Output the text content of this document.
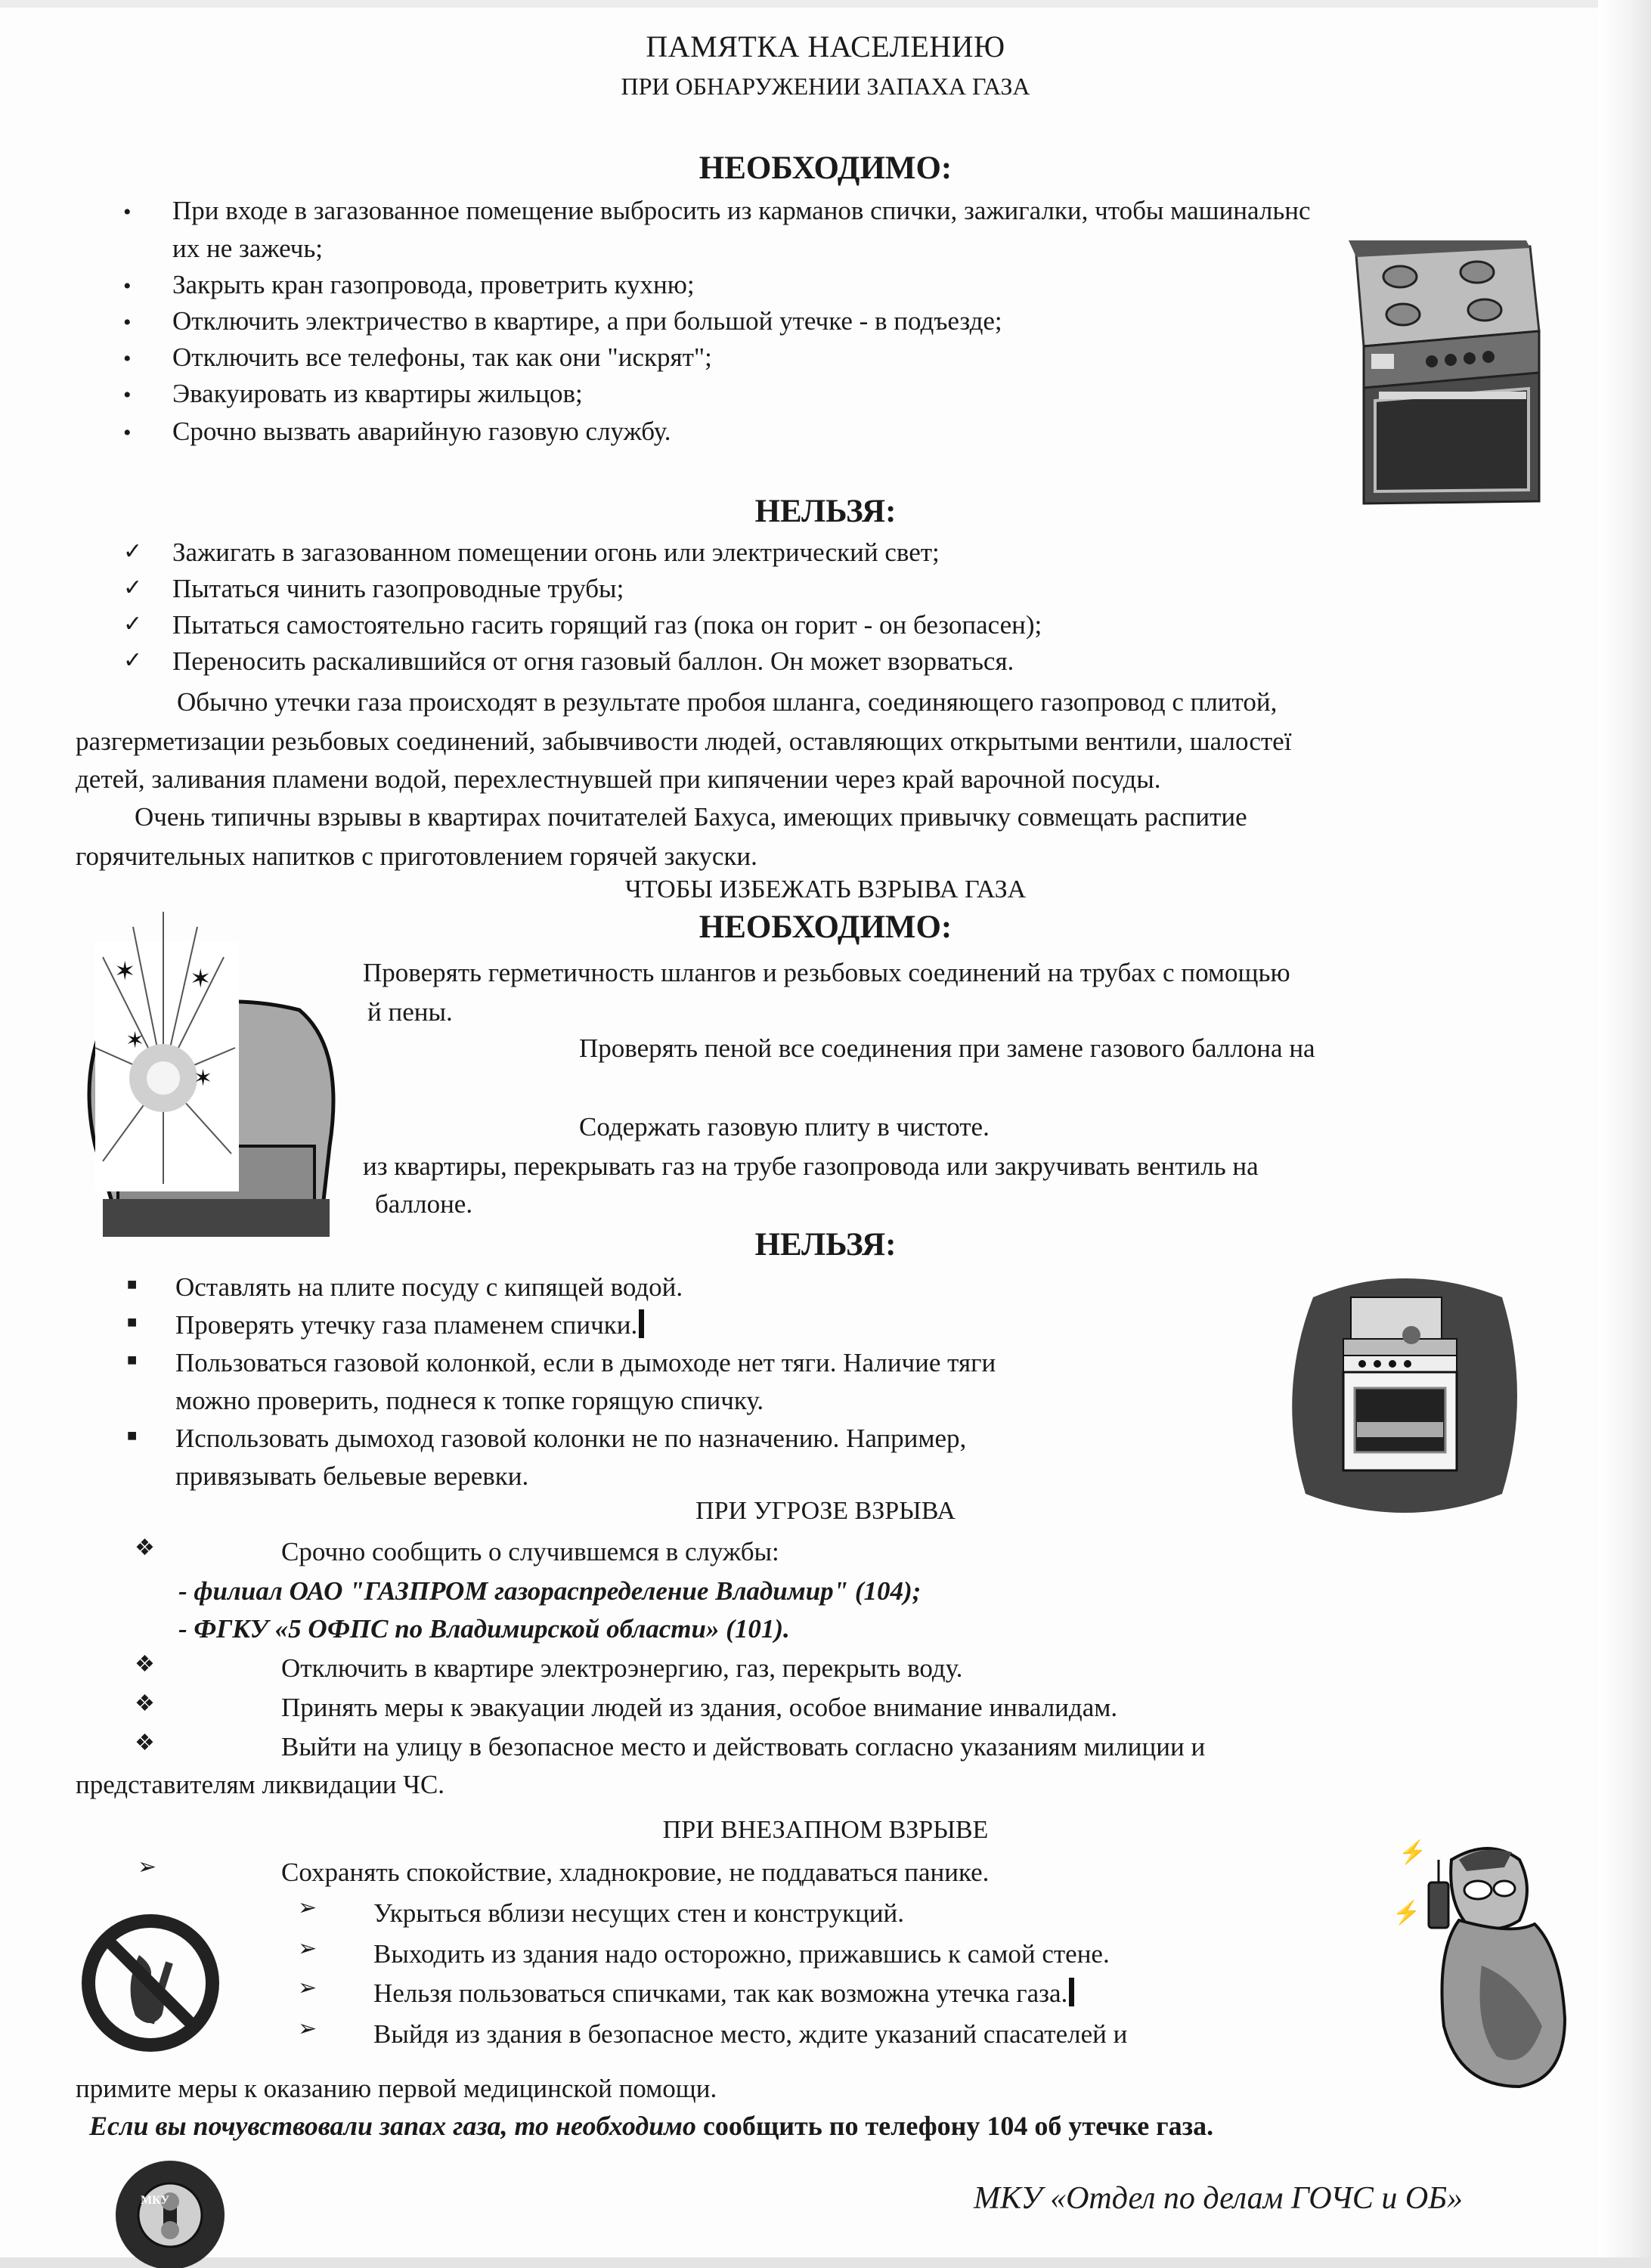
ПАМЯТКА НАСЕЛЕНИЮ
ПРИ ОБНАРУЖЕНИИ ЗАПАХА ГАЗА
НЕОБХОДИМО:
• При входе в загазованное помещение выбросить из карманов спички, зажигалки, чтобы машинальнс
их не зажечь;
• Закрыть кран газопровода, проветрить кухню;
• Отключить электричество в квартире, а при большой утечке - в подъезде;
• Отключить все телефоны, так как они "искрят";
• Эвакуировать из квартиры жильцов;
• Срочно вызвать аварийную газовую службу.
НЕЛЬЗЯ:
✓ Зажигать в загазованном помещении огонь или электрический свет;
✓ Пытаться чинить газопроводные трубы;
✓ Пытаться самостоятельно гасить горящий газ (пока он горит - он безопасен);
✓ Переносить раскалившийся от огня газовый баллон. Он может взорваться.
Обычно утечки газа происходят в результате пробоя шланга, соединяющего газопровод с плитой,
разгерметизации резьбовых соединений, забывчивости людей, оставляющих открытыми вентили, шалостеї
детей, заливания пламени водой, перехлестнувшей при кипячении через край варочной посуды.
Очень типичны взрывы в квартирах почитателей Бахуса, имеющих привычку совмещать распитие
горячительных напитков с приготовлением горячей закуски.
ЧТОБЫ ИЗБЕЖАТЬ ВЗРЫВА ГАЗА
НЕОБХОДИМО:
Проверять герметичность шлангов и резьбовых соединений на трубах с помощью
й пены.
Проверять пеной все соединения при замене газового баллона на
Содержать газовую плиту в чистоте.
из квартиры, перекрывать газ на трубе газопровода или закручивать вентиль на
баллоне.
✶ ✶
✶
✶
НЕЛЬЗЯ:
■ Оставлять на плите посуду с кипящей водой.
■ Проверять утечку газа пламенем спички.
■ Пользоваться газовой колонкой, если в дымоходе нет тяги. Наличие тяги
можно проверить, поднеся к топке горящую спичку.
■ Использовать дымоход газовой колонки не по назначению. Например,
привязывать бельевые веревки.
ПРИ УГРОЗЕ ВЗРЫВА
❖	Срочно сообщить о случившемся в службы:
- филиал ОАО "ГАЗПРОМ газораспределение Владимир" (104);
- ФГКУ «5 ОФПС по Владимирской области» (101).
❖	Отключить в квартире электроэнергию, газ, перекрыть воду.
❖	Принять меры к эвакуации людей из здания, особое внимание инвалидам.
❖	Выйти на улицу в безопасное место и действовать согласно указаниям милиции и
представителям ликвидации ЧС.
ПРИ ВНЕЗАПНОМ ВЗРЫВЕ
➢	Сохранять спокойствие, хладнокровие, не поддаваться панике.
➢ Укрыться вблизи несущих стен и конструкций.
➢ Выходить из здания надо осторожно, прижавшись к самой стене.
➢ Нельзя пользоваться спичками, так как возможна утечка газа.
➢ Выйдя из здания в безопасное место, ждите указаний спасателей и
примите меры к оказанию первой медицинской помощи.
⚡
⚡
Если вы почувствовали запах газа, то необходимо сообщить по телефону 104 об утечке газа.
МКУ	МКУ «Отдел по делам ГОЧС и ОБ»
